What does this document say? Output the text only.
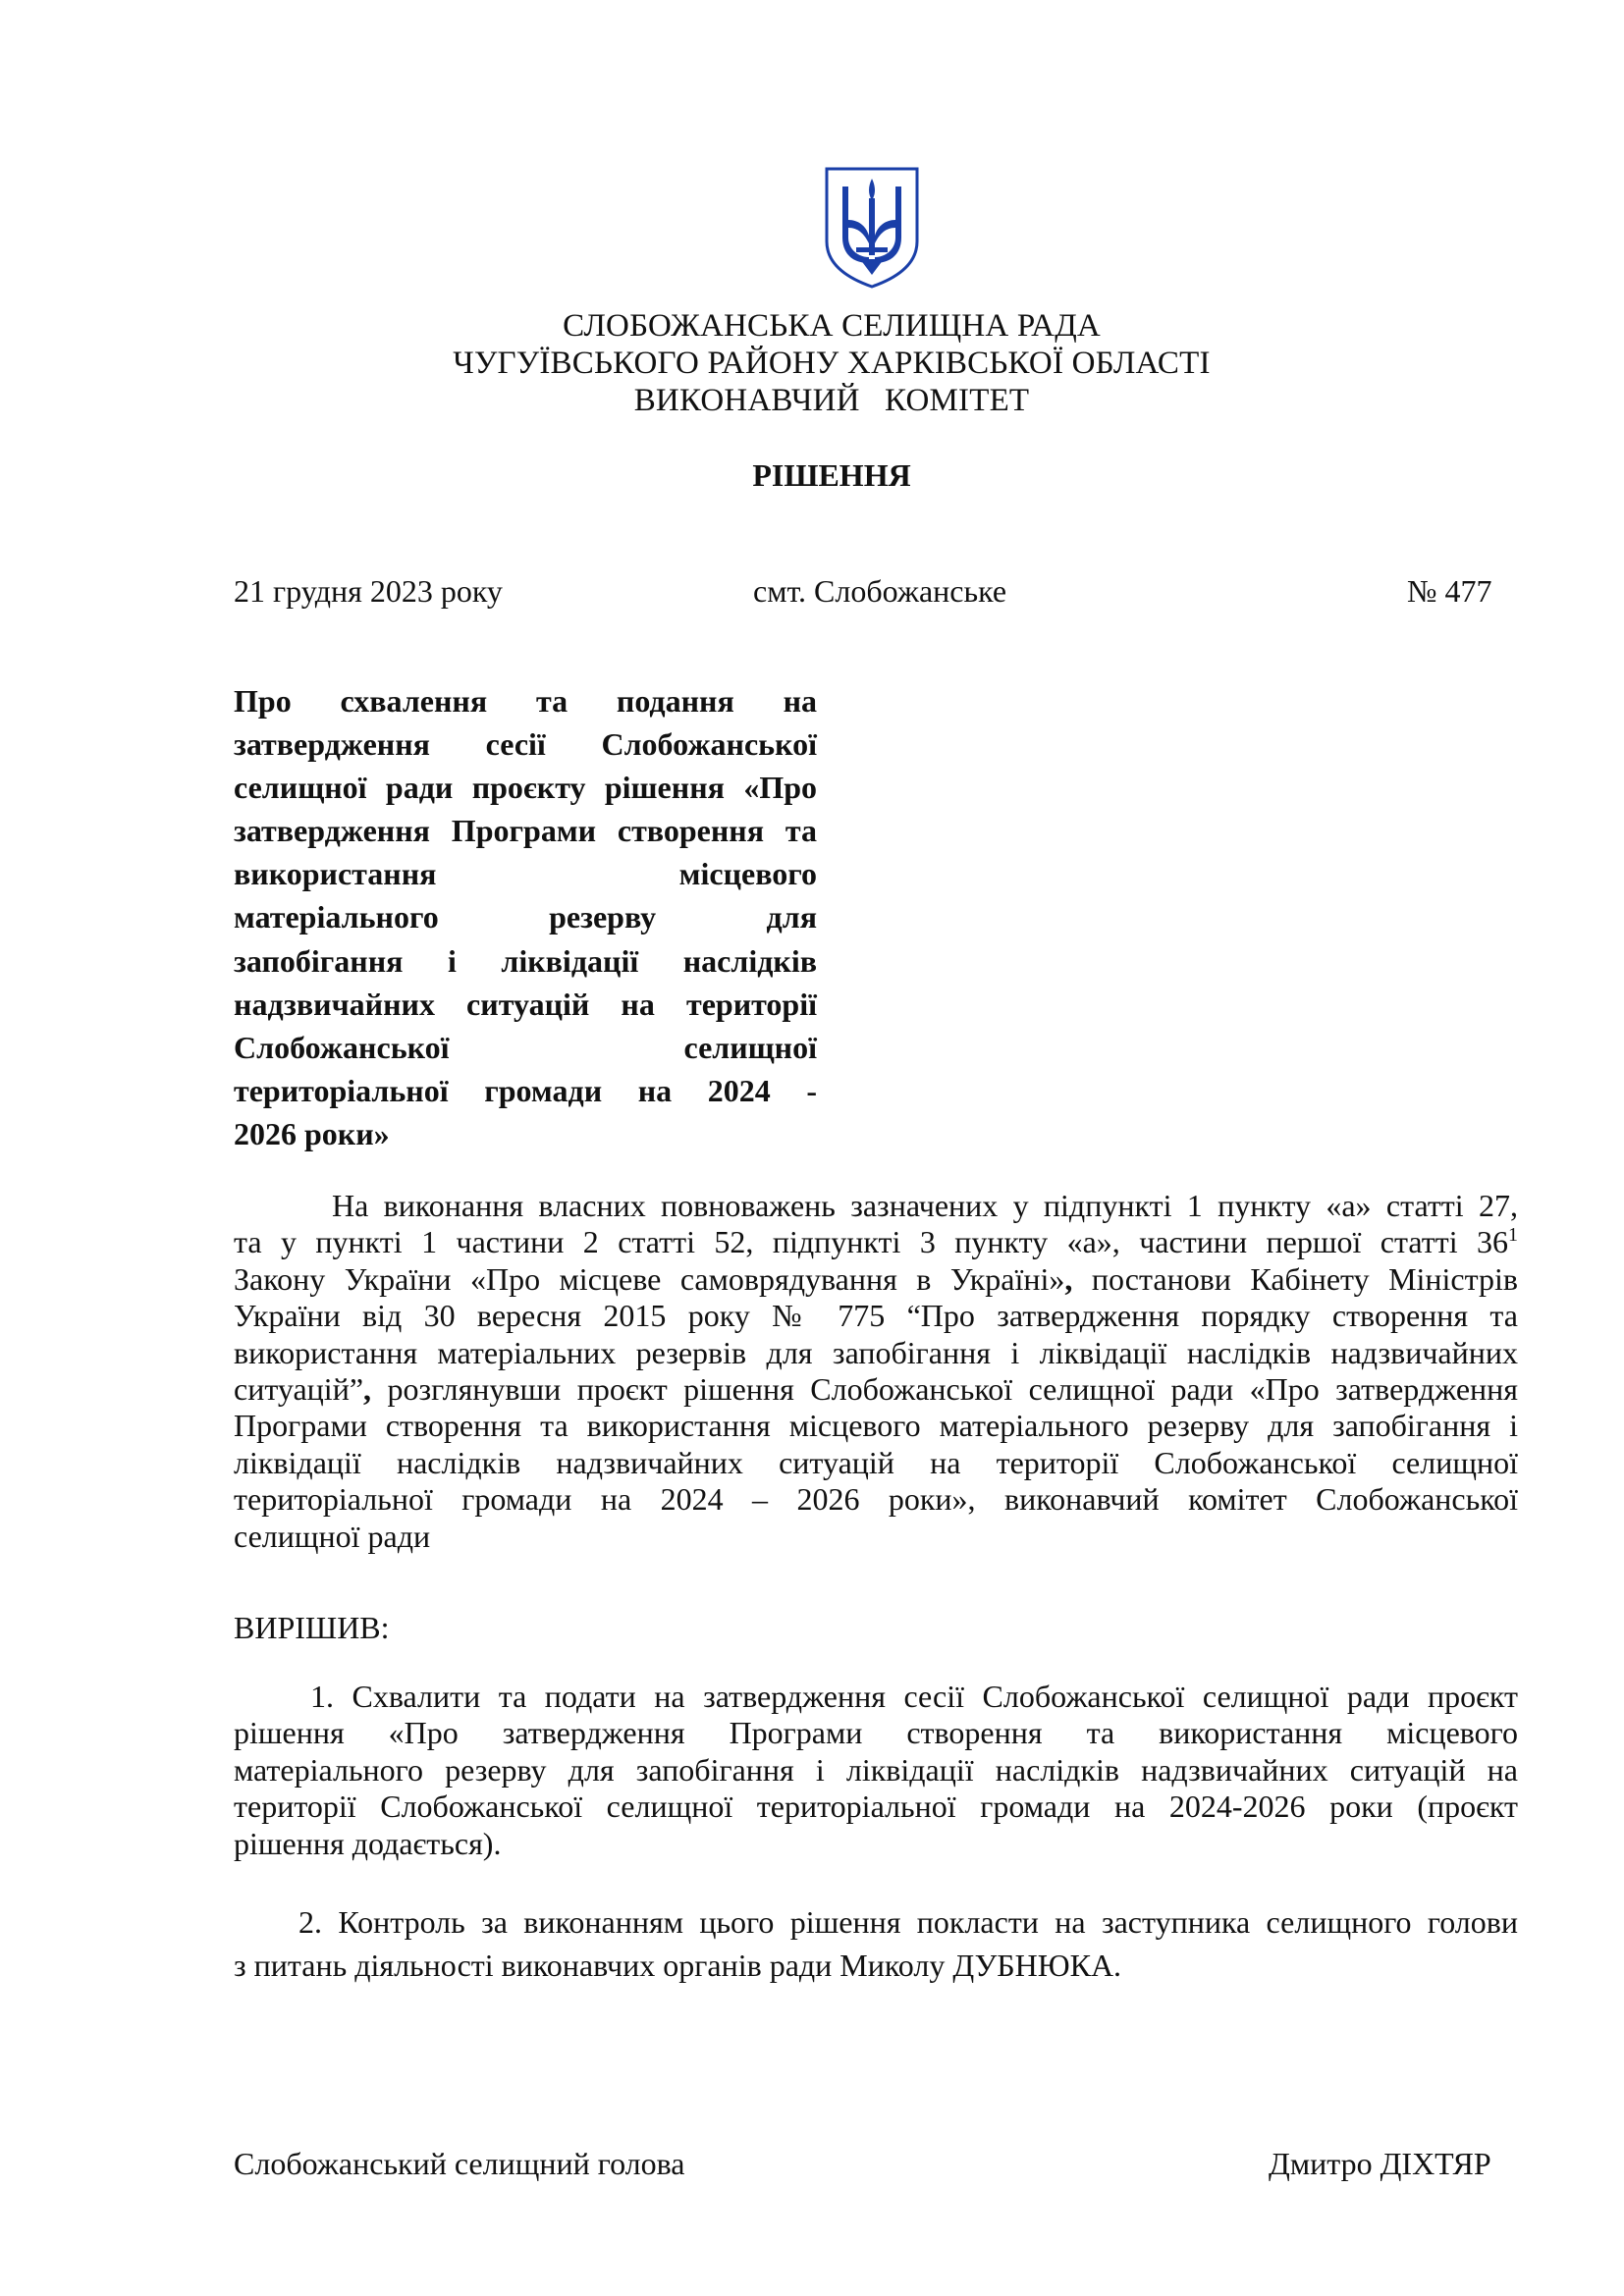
СЛОБОЖАНСЬКА СЕЛИЩНА РАДА
ЧУГУЇВСЬКОГО РАЙОНУ ХАРКІВСЬКОЇ ОБЛАСТІ
ВИКОНАВЧИЙ   КОМІТЕТ
РІШЕННЯ
21 грудня 2023 року	смт. Слобожанське	№ 477
Про схвалення та подання на
затвердження сесії Слобожанської
селищної ради проєкту рішення «Про
затвердження Програми створення та
використання місцевого
матеріального резерву для
запобігання і ліквідації наслідків
надзвичайних ситуацій на території
Слобожанської селищної
територіальної громади на 2024 -
2026 роки»
На виконання власних повноважень зазначених у підпункті 1 пункту «а» статті 27,
та у пункті 1 частини 2 статті 52, підпункті 3 пункту «а», частини першої статті $36^1$
Закону України «Про місцеве самоврядування в Україні», постанови Кабінету Міністрів
України від 30 вересня 2015 року № 775 “Про затвердження порядку створення та
використання матеріальних резервів для запобігання і ліквідації наслідків надзвичайних
ситуацій”, розглянувши проєкт рішення Слобожанської селищної ради «Про затвердження
Програми створення та використання місцевого матеріального резерву для запобігання і
ліквідації наслідків надзвичайних ситуацій на території Слобожанської селищної
територіальної громади на 2024 – 2026 роки», виконавчий комітет Слобожанської
селищної ради
ВИРІШИВ:
1. Схвалити та подати на затвердження сесії Слобожанської селищної ради проєкт
рішення «Про затвердження Програми створення та використання місцевого
матеріального резерву для запобігання і ліквідації наслідків надзвичайних ситуацій на
території Слобожанської селищної територіальної громади на 2024-2026 роки (проєкт
рішення додається).
2. Контроль за виконанням цього рішення покласти на заступника селищного голови
з питань діяльності виконавчих органів ради Миколу ДУБНЮКА.
Слобожанський селищний голова	Дмитро ДІХТЯР
